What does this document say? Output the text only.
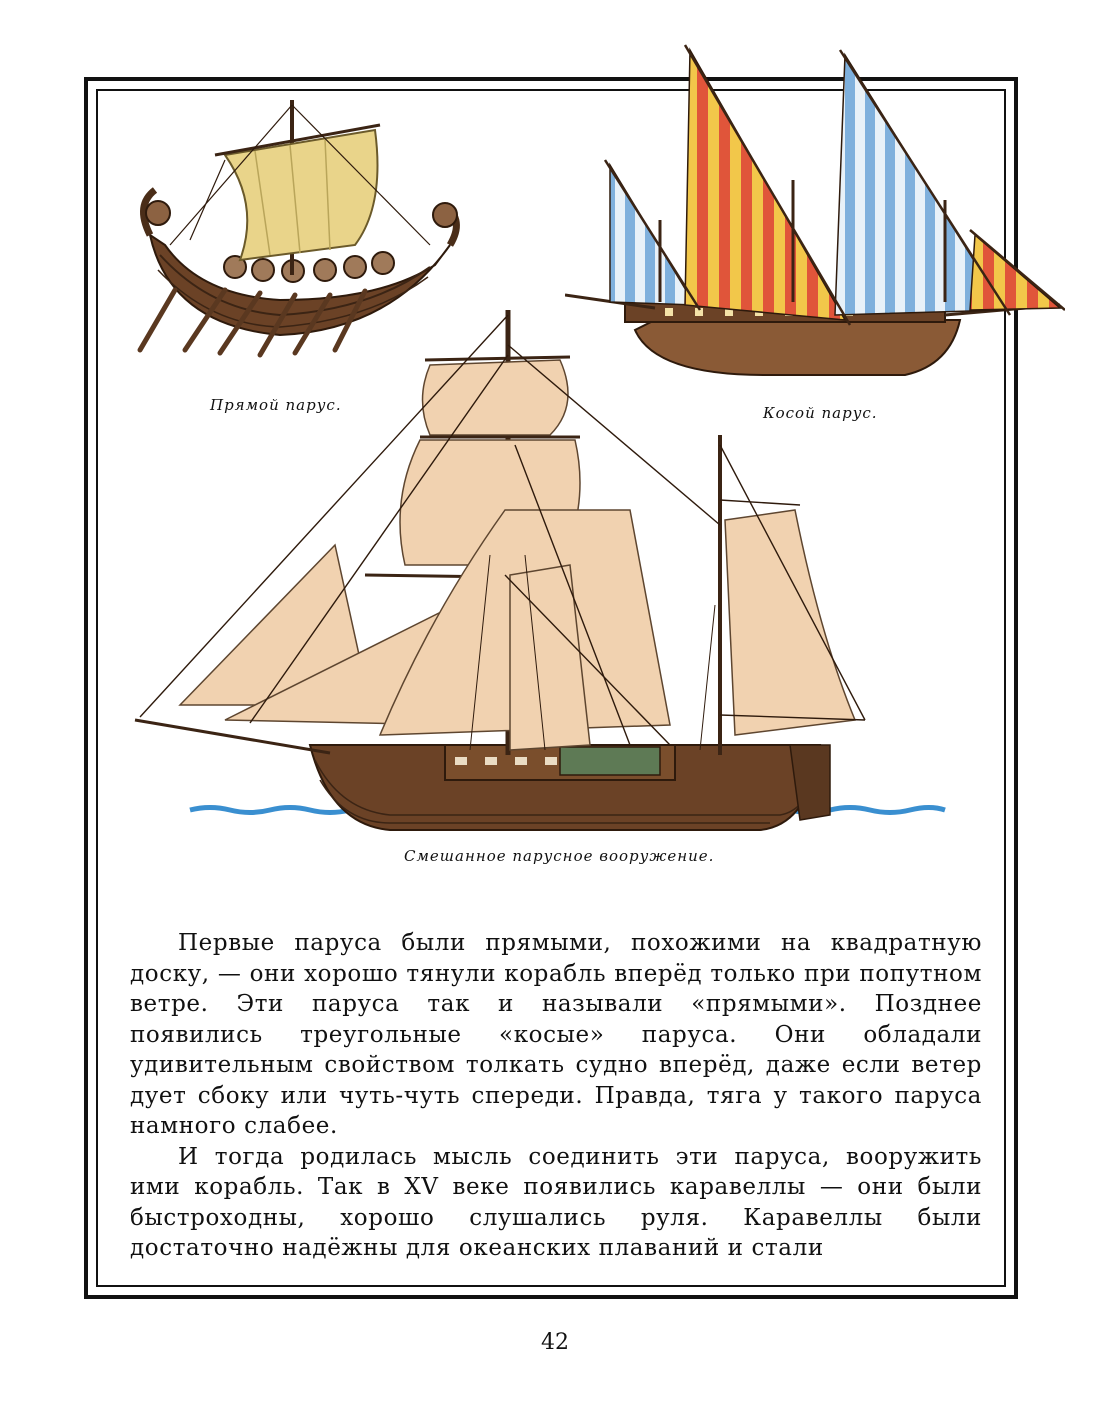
Прямой парус.	Косой парус.
Смешанное парусное вооружение.

Первые паруса были прямыми, похожими на квадратную доску, — они хорошо тянули корабль вперёд только при попутном ветре. Эти паруса так и называли «прямыми». Позднее появились треугольные «косые» паруса. Они обладали удивительным свойством толкать судно вперёд, даже если ветер дует сбоку или чуть-чуть спереди. Правда, тяга у такого паруса намного слабее.

И тогда родилась мысль соединить эти паруса, вооружить ими корабль. Так в XV веке появились каравеллы — они были быстроходны, хорошо слушались руля. Каравеллы были достаточно надёжны для океанских плаваний и стали

42
